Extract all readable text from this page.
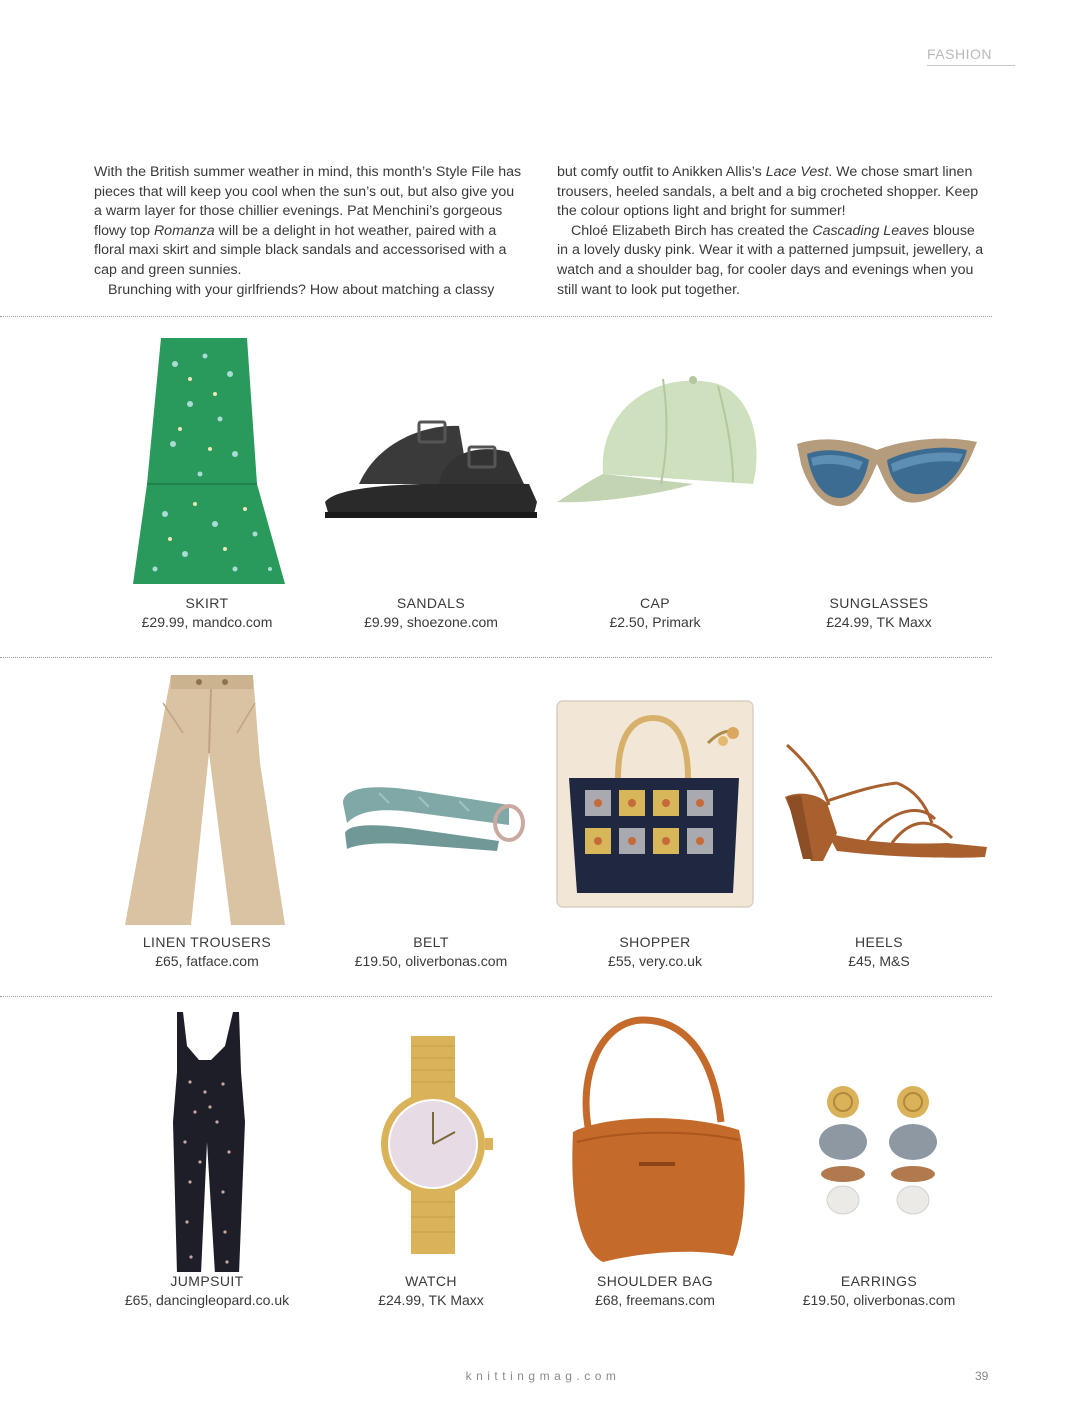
FASHION

With the British summer weather in mind, this month’s Style File has pieces that will keep you cool when the sun’s out, but also give you a warm layer for those chillier evenings. Pat Menchini’s gorgeous flowy top Romanza will be a delight in hot weather, paired with a floral maxi skirt and simple black sandals and accessorised with a cap and green sunnies.

Brunching with your girlfriends? How about matching a classy

but comfy outfit to Anikken Allis’s Lace Vest. We chose smart linen trousers, heeled sandals, a belt and a big crocheted shopper. Keep the colour options light and bright for summer!

Chloé Elizabeth Birch has created the Cascading Leaves blouse in a lovely dusky pink. Wear it with a patterned jumpsuit, jewellery, a watch and a shoulder bag, for cooler days and evenings when you still want to look put together.

SKIRT
£29.99, mandco.com
SANDALS
£9.99, shoezone.com
CAP
£2.50, Primark
SUNGLASSES
£24.99, TK Maxx
LINEN TROUSERS
£65, fatface.com
BELT
£19.50, oliverbonas.com
SHOPPER
£55, very.co.uk
HEELS
£45, M&S
JUMPSUIT
£65, dancingleopard.co.uk
WATCH
£24.99, TK Maxx
SHOULDER BAG
£68, freemans.com
EARRINGS
£19.50, oliverbonas.com
knittingmag.com	39
